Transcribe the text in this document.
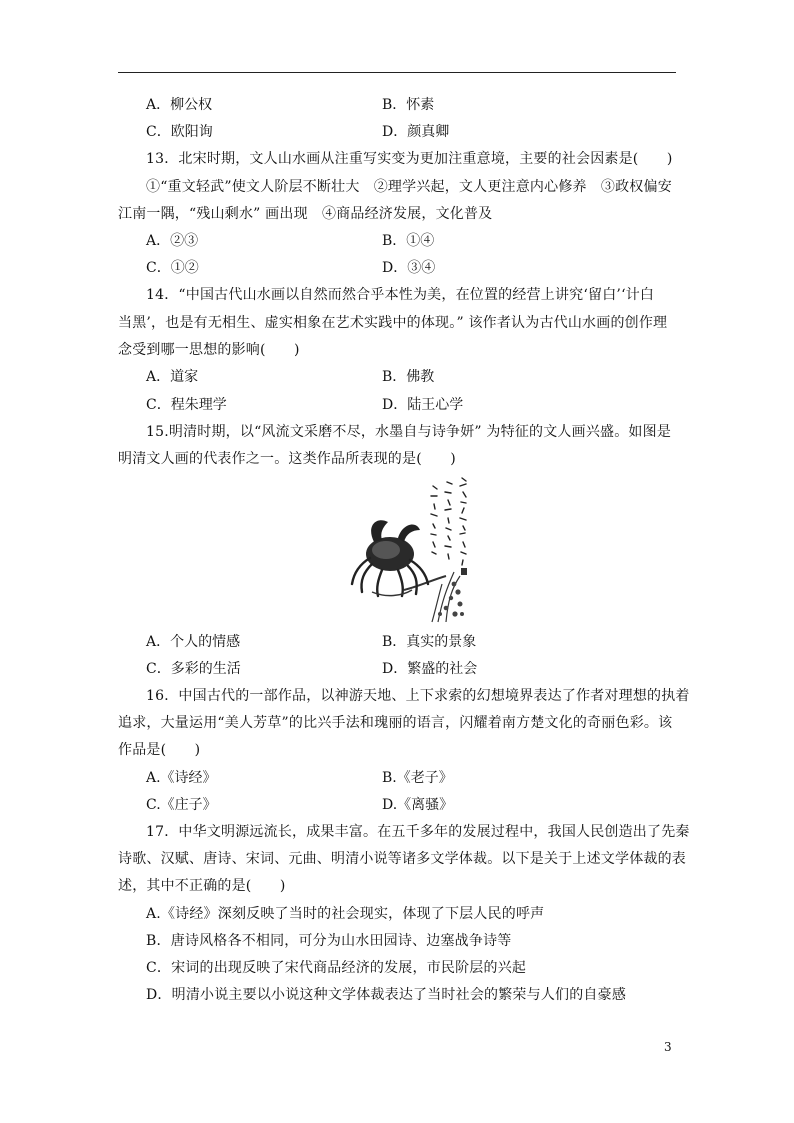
A．柳公权	B．怀素
C．欧阳询	D．颜真卿
13．北宋时期，文人山水画从注重写实变为更加注重意境，主要的社会因素是(　　)
①“重文轻武”使文人阶层不断壮大　②理学兴起，文人更注意内心修养　③政权偏安
江南一隅，“残山剩水” 画出现　④商品经济发展，文化普及
A．②③	B．①④
C．①②	D．③④
14．“中国古代山水画以自然而然合乎本性为美，在位置的经营上讲究‘留白’‘计白
当黑’，也是有无相生、虚实相象在艺术实践中的体现。” 该作者认为古代山水画的创作理
念受到哪一思想的影响(　　)
A．道家	B．佛教
C．程朱理学	D．陆王心学
15.明清时期，以“风流文采磨不尽，水墨自与诗争妍” 为特征的文人画兴盛。如图是
明清文人画的代表作之一。这类作品所表现的是(　　)
A．个人的情感	B．真实的景象
C．多彩的生活	D．繁盛的社会
16．中国古代的一部作品，以神游天地、上下求索的幻想境界表达了作者对理想的执着
追求，大量运用“美人芳草”的比兴手法和瑰丽的语言，闪耀着南方楚文化的奇丽色彩。该
作品是(　　)
A.《诗经》	B.《老子》
C.《庄子》	D.《离骚》
17．中华文明源远流长，成果丰富。在五千多年的发展过程中，我国人民创造出了先秦
诗歌、汉赋、唐诗、宋词、元曲、明清小说等诸多文学体裁。以下是关于上述文学体裁的表
述，其中不正确的是(　　)
A.《诗经》深刻反映了当时的社会现实，体现了下层人民的呼声
B．唐诗风格各不相同，可分为山水田园诗、边塞战争诗等
C．宋词的出现反映了宋代商品经济的发展，市民阶层的兴起
D．明清小说主要以小说这种文学体裁表达了当时社会的繁荣与人们的自豪感
3
